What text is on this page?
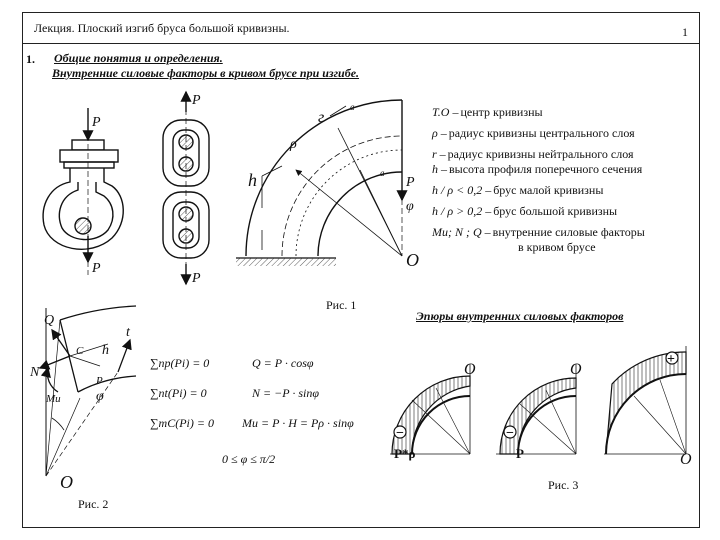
Лекция. Плоский изгиб бруса большой кривизны.	1
1. Общие понятия и определения.
Внутренние силовые факторы в кривом брусе при изгибе.
T.O – центр кривизны
ρ – радиус кривизны центрального слоя
r – радиус кривизны нейтрального слоя
h – высота профиля поперечного сечения
h / ρ < 0,2 – брус малой кривизны
h / ρ > 0,2 – брус большой кривизны
Mи; N ; Q – внутренние силовые факторы
в кривом брусе
P
P
P
P
h
ρ
г
a
a
P
O
φ
Q
N
t
h
Mи	φ
C
P
O
O	O
O
−	−
+
∑np(Pi) = 0	Q = P · cosφ
∑nt(Pi) = 0	N = −P · sinφ
∑mC(Pi) = 0 Mи = P · H = Pρ · sinφ
0 ≤ φ ≤ π/2
Рис. 1
Рис. 2
Рис. 3
Эпюры внутренних силовых факторов
P*ρ	P
